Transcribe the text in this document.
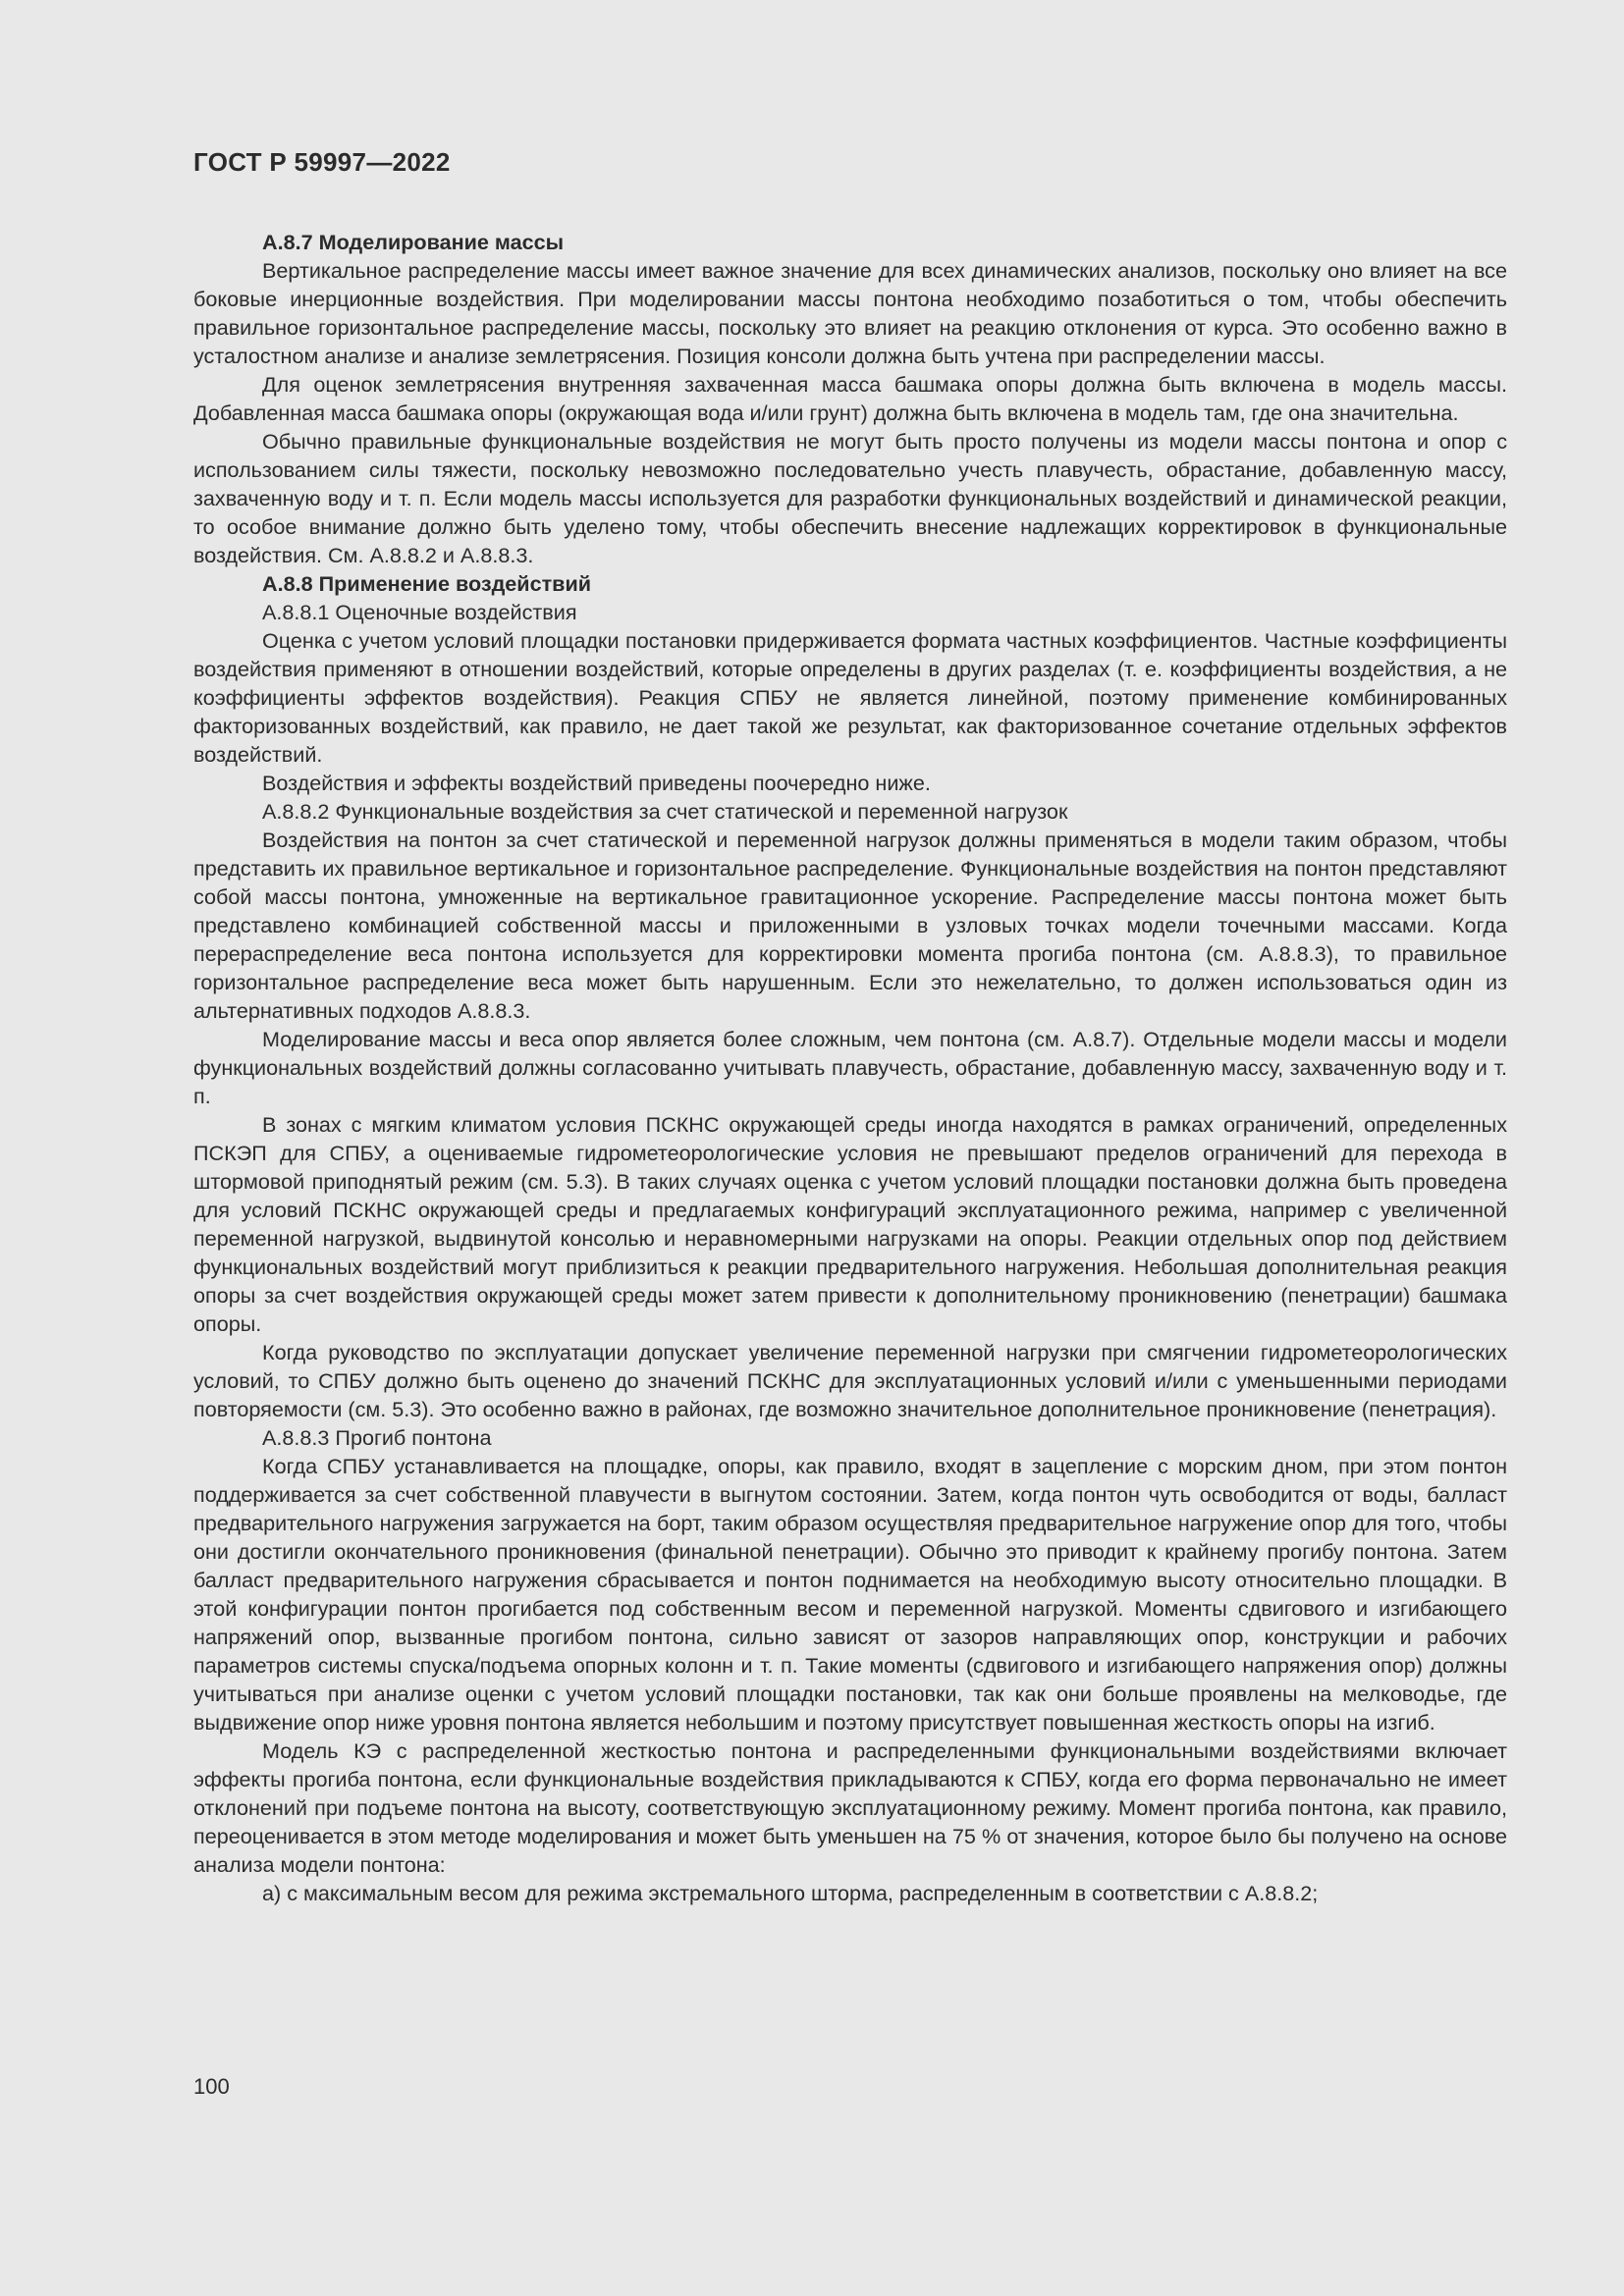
ГОСТ Р 59997—2022

А.8.7 Моделирование массы

Вертикальное распределение массы имеет важное значение для всех динамических анализов, поскольку оно влияет на все боковые инерционные воздействия. При моделировании массы понтона необходимо позаботиться о том, чтобы обеспечить правильное горизонтальное распределение массы, поскольку это влияет на реакцию отклонения от курса. Это особенно важно в усталостном анализе и анализе землетрясения. Позиция консоли должна быть учтена при распределении массы.

Для оценок землетрясения внутренняя захваченная масса башмака опоры должна быть включена в модель массы. Добавленная масса башмака опоры (окружающая вода и/или грунт) должна быть включена в модель там, где она значительна.

Обычно правильные функциональные воздействия не могут быть просто получены из модели массы понтона и опор с использованием силы тяжести, поскольку невозможно последовательно учесть плавучесть, обрастание, добавленную массу, захваченную воду и т. п. Если модель массы используется для разработки функциональных воздействий и динамической реакции, то особое внимание должно быть уделено тому, чтобы обеспечить внесение надлежащих корректировок в функциональные воздействия. См. А.8.8.2 и А.8.8.3.

А.8.8 Применение воздействий

А.8.8.1 Оценочные воздействия

Оценка с учетом условий площадки постановки придерживается формата частных коэффициентов. Частные коэффициенты воздействия применяют в отношении воздействий, которые определены в других разделах (т. е. коэффициенты воздействия, а не коэффициенты эффектов воздействия). Реакция СПБУ не является линейной, поэтому применение комбинированных факторизованных воздействий, как правило, не дает такой же результат, как факторизованное сочетание отдельных эффектов воздействий.

Воздействия и эффекты воздействий приведены поочередно ниже.

А.8.8.2 Функциональные воздействия за счет статической и переменной нагрузок

Воздействия на понтон за счет статической и переменной нагрузок должны применяться в модели таким образом, чтобы представить их правильное вертикальное и горизонтальное распределение. Функциональные воздействия на понтон представляют собой массы понтона, умноженные на вертикальное гравитационное ускорение. Распределение массы понтона может быть представлено комбинацией собственной массы и приложенными в узловых точках модели точечными массами. Когда перераспределение веса понтона используется для корректировки момента прогиба понтона (см. А.8.8.3), то правильное горизонтальное распределение веса может быть нарушенным. Если это нежелательно, то должен использоваться один из альтернативных подходов А.8.8.3.

Моделирование массы и веса опор является более сложным, чем понтона (см. А.8.7). Отдельные модели массы и модели функциональных воздействий должны согласованно учитывать плавучесть, обрастание, добавленную массу, захваченную воду и т. п.

В зонах с мягким климатом условия ПСКНС окружающей среды иногда находятся в рамках ограничений, определенных ПСКЭП для СПБУ, а оцениваемые гидрометеорологические условия не превышают пределов ограничений для перехода в штормовой приподнятый режим (см. 5.3). В таких случаях оценка с учетом условий площадки постановки должна быть проведена для условий ПСКНС окружающей среды и предлагаемых конфигураций эксплуатационного режима, например с увеличенной переменной нагрузкой, выдвинутой консолью и неравномерными нагрузками на опоры. Реакции отдельных опор под действием функциональных воздействий могут приблизиться к реакции предварительного нагружения. Небольшая дополнительная реакция опоры за счет воздействия окружающей среды может затем привести к дополнительному проникновению (пенетрации) башмака опоры.

Когда руководство по эксплуатации допускает увеличение переменной нагрузки при смягчении гидрометеорологических условий, то СПБУ должно быть оценено до значений ПСКНС для эксплуатационных условий и/или с уменьшенными периодами повторяемости (см. 5.3). Это особенно важно в районах, где возможно значительное дополнительное проникновение (пенетрация).

А.8.8.3 Прогиб понтона

Когда СПБУ устанавливается на площадке, опоры, как правило, входят в зацепление с морским дном, при этом понтон поддерживается за счет собственной плавучести в выгнутом состоянии. Затем, когда понтон чуть освободится от воды, балласт предварительного нагружения загружается на борт, таким образом осуществляя предварительное нагружение опор для того, чтобы они достигли окончательного проникновения (финальной пенетрации). Обычно это приводит к крайнему прогибу понтона. Затем балласт предварительного нагружения сбрасывается и понтон поднимается на необходимую высоту относительно площадки. В этой конфигурации понтон прогибается под собственным весом и переменной нагрузкой. Моменты сдвигового и изгибающего напряжений опор, вызванные прогибом понтона, сильно зависят от зазоров направляющих опор, конструкции и рабочих параметров системы спуска/подъема опорных колонн и т. п. Такие моменты (сдвигового и изгибающего напряжения опор) должны учитываться при анализе оценки с учетом условий площадки постановки, так как они больше проявлены на мелководье, где выдвижение опор ниже уровня понтона является небольшим и поэтому присутствует повышенная жесткость опоры на изгиб.

Модель КЭ с распределенной жесткостью понтона и распределенными функциональными воздействиями включает эффекты прогиба понтона, если функциональные воздействия прикладываются к СПБУ, когда его форма первоначально не имеет отклонений при подъеме понтона на высоту, соответствующую эксплуатационному режиму. Момент прогиба понтона, как правило, переоценивается в этом методе моделирования и может быть уменьшен на 75 % от значения, которое было бы получено на основе анализа модели понтона:

а) с максимальным весом для режима экстремального шторма, распределенным в соответствии с А.8.8.2;

100
